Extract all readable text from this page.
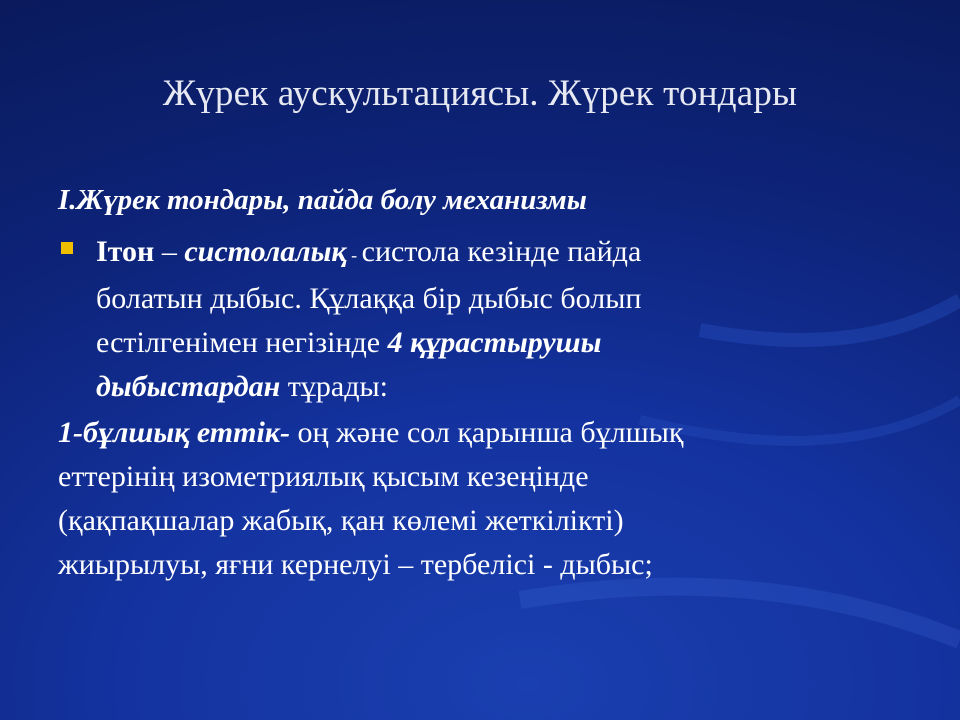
Жүрек аускультациясы. Жүрек тондары
I.Жүрек тондары, пайда болу механизмы
Iтон – систолалық - систола кезінде пайда
болатын дыбыс. Құлаққа бір дыбыс болып
естілгенімен негізінде 4 құрастырушы
дыбыстардан тұрады:
1-бұлшық еттік- оң және сол қарынша бұлшық
еттерінің изометриялық қысым кезеңінде
(қақпақшалар жабық, қан көлемі жеткілікті)
жиырылуы, яғни кернелуі – тербелісі - дыбыс;
